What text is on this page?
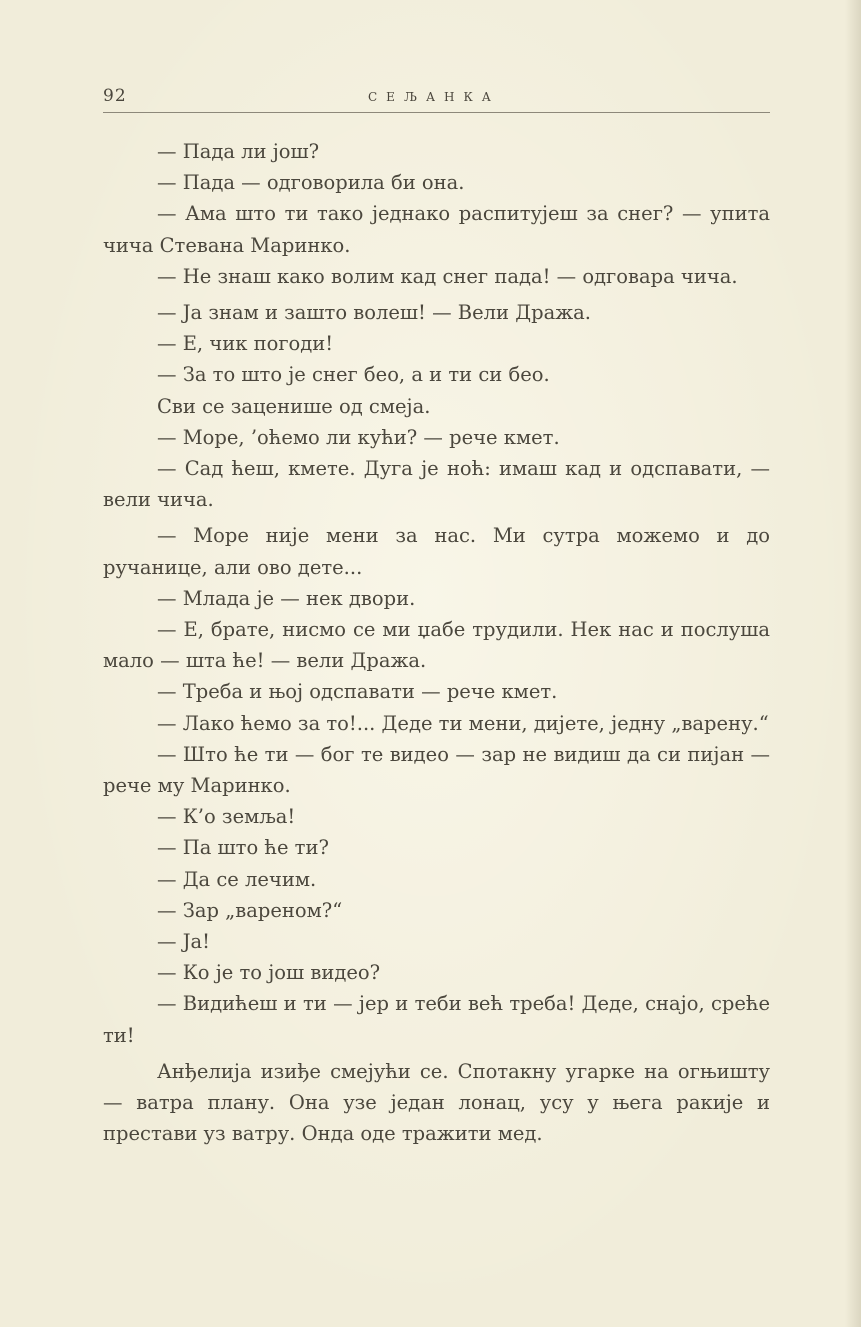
92	СЕЉАНКА

— Пада ли још?

— Пада — одговорила би она.

— Ама што ти тако једнако распитујеш за снег? — упита чича Стевана Маринко.

— Не знаш како волим кад снег пада! — одговара чича.

— Ја знам и зашто волеш! — Вели Дража.

— Е, чик погоди!

— За то што је снег бео, а и ти си бео.

Сви се заценише од смеја.

— Море, ’оћемо ли кући? — рече кмет.

— Сад ћеш, кмете. Дуга је ноћ: имаш кад и одспавати, — вели чича.

— Море није мени за нас. Ми сутра можемо и до ручанице, али ово дете...

— Млада је — нек двори.

— Е, брате, нисмо се ми џабе трудили. Нек нас и послуша мало — шта ће! — вели Дража.

— Треба и њој одспавати — рече кмет.

— Лако ћемо за то!... Деде ти мени, дијете, једну „варену.“

— Што ће ти — бог те видео — зар не видиш да си пијан — рече му Маринко.

— К’о земља!

— Па што ће ти?

— Да се лечим.

— Зар „вареном?“

— Ја!

— Ко је то још видео?

— Видићеш и ти — јер и теби већ треба! Деде, снајо, среће ти!

Анђелија изиђе смејући се. Спотакну угарке на огњишту — ватра плану. Она узе један лонац, усу у њега ракије и престави уз ватру. Онда оде тражити мед.
